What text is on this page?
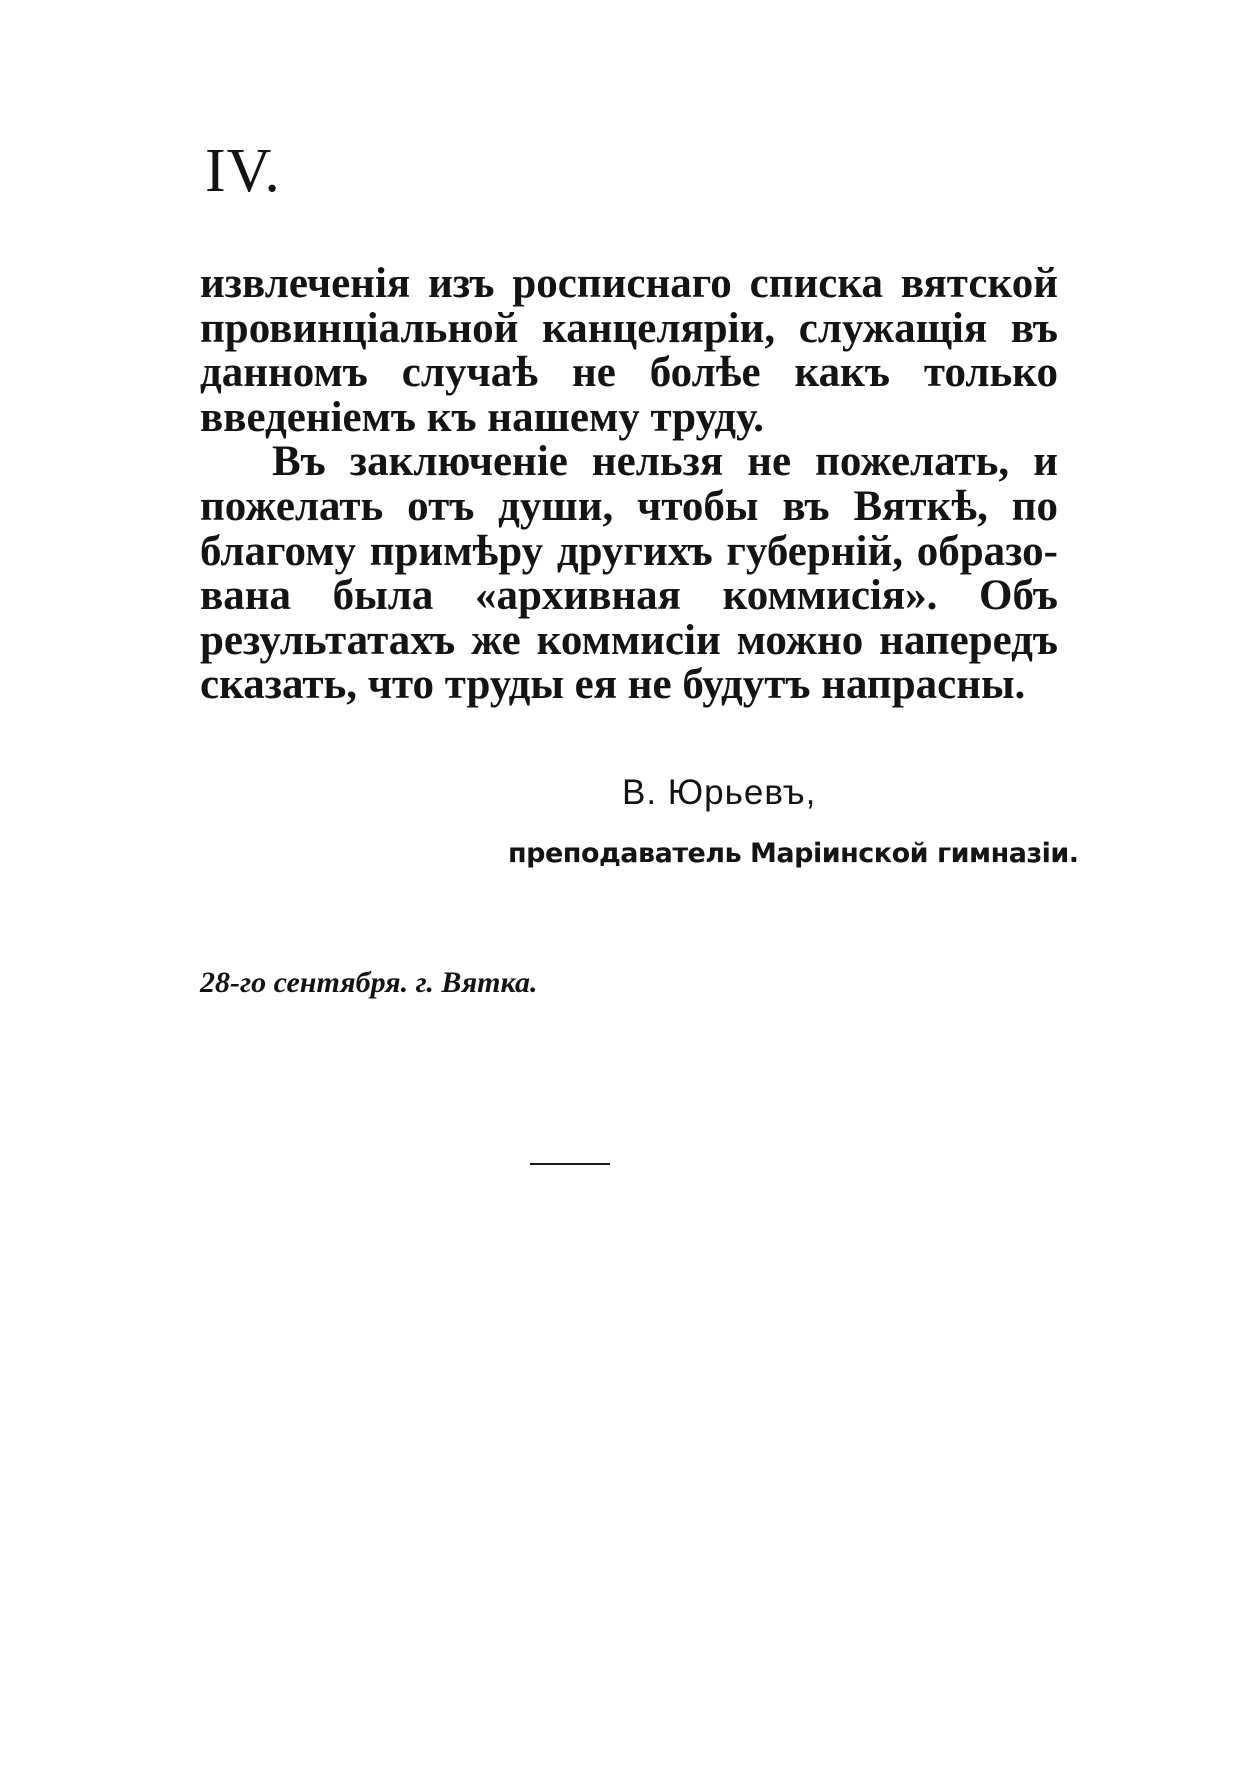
IV.

извлеченія изъ росписнаго списка вятской провинціальной канцеляріи, служащія въ данномъ случаѣ не болѣе какъ только введеніемъ къ нашему труду.

Въ заключеніе нельзя не пожелать, и пожелать отъ души, чтобы въ Вяткѣ, по благому примѣру другихъ губерній, образована была «архивная коммисія». Объ результатахъ же коммисіи можно напередъ сказать, что труды ея не будутъ напрасны.

В. Юрьевъ,
преподаватель Маріинской гимназіи.
28-го сентября. г. Вятка.
